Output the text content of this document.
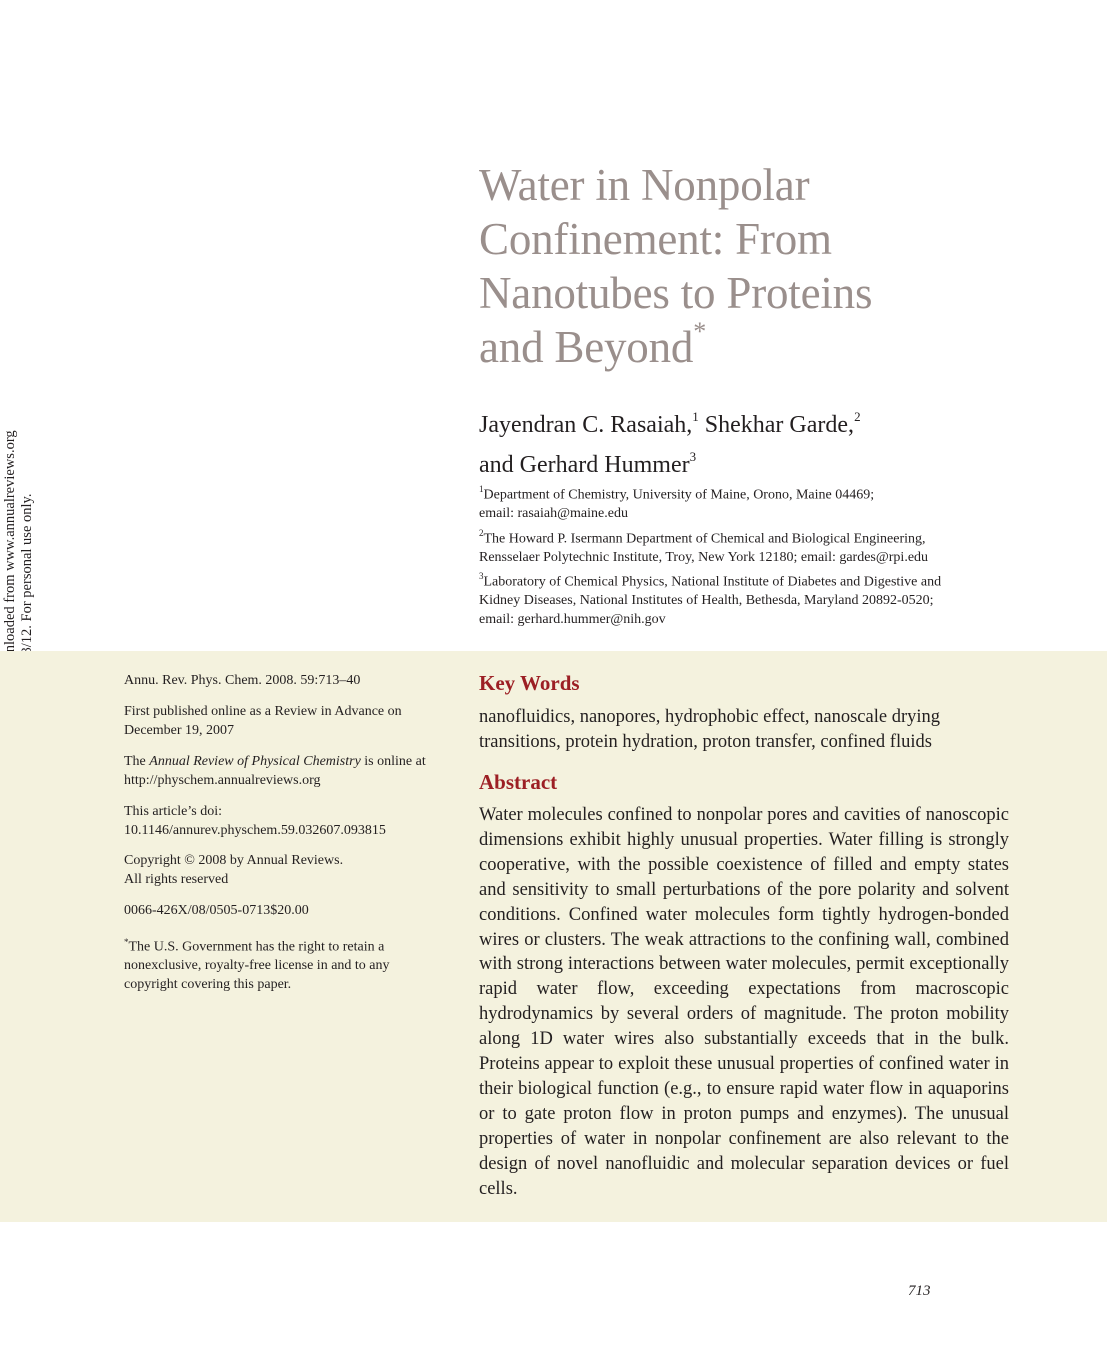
Water in Nonpolar
Confinement: From
Nanotubes to Proteins
and Beyond*

Jayendran C. Rasaiah,$^1$ Shekhar Garde,$^2$
and Gerhard Hummer$^3$

$^1$Department of Chemistry, University of Maine, Orono, Maine 04469;
email: rasaiah@maine.edu

$^2$The Howard P. Isermann Department of Chemical and Biological Engineering,
Rensselaer Polytechnic Institute, Troy, New York 12180; email: gardes@rpi.edu

$^3$Laboratory of Chemical Physics, National Institute of Diabetes and Digestive and
Kidney Diseases, National Institutes of Health, Bethesda, Maryland 20892-0520;
email: gerhard.hummer@nih.gov

Annu. Rev. Phys. Chem. 2008. 59:713–40

First published online as a Review in Advance on
December 19, 2007

The Annual Review of Physical Chemistry is online at
http://physchem.annualreviews.org

This article’s doi:
10.1146/annurev.physchem.59.032607.093815

Copyright © 2008 by Annual Reviews.
All rights reserved

0066-426X/08/0505-0713$20.00

*The U.S. Government has the right to retain a
nonexclusive, royalty-free license in and to any
copyright covering this paper.

Key Words

nanofluidics, nanopores, hydrophobic effect, nanoscale drying
transitions, protein hydration, proton transfer, confined fluids

Abstract

Water molecules confined to nonpolar pores and cavities of nanoscopic dimensions exhibit highly unusual properties. Water filling is strongly cooperative, with the possible coexistence of filled and empty states and sensitivity to small perturbations of the pore polarity and solvent conditions. Confined water molecules form tightly hydrogen-bonded wires or clusters. The weak attractions to the confining wall, combined with strong interactions between water molecules, permit exceptionally rapid water flow, exceeding expectations from macroscopic hydrodynamics by several orders of magnitude. The proton mobility along 1D water wires also substantially exceeds that in the bulk. Proteins appear to exploit these unusual properties of confined water in their biological function (e.g., to ensure rapid water flow in aquaporins or to gate proton flow in proton pumps and enzymes). The unusual properties of water in nonpolar confinement are also relevant to the design of novel nanofluidic and molecular separation devices or fuel cells.

713
